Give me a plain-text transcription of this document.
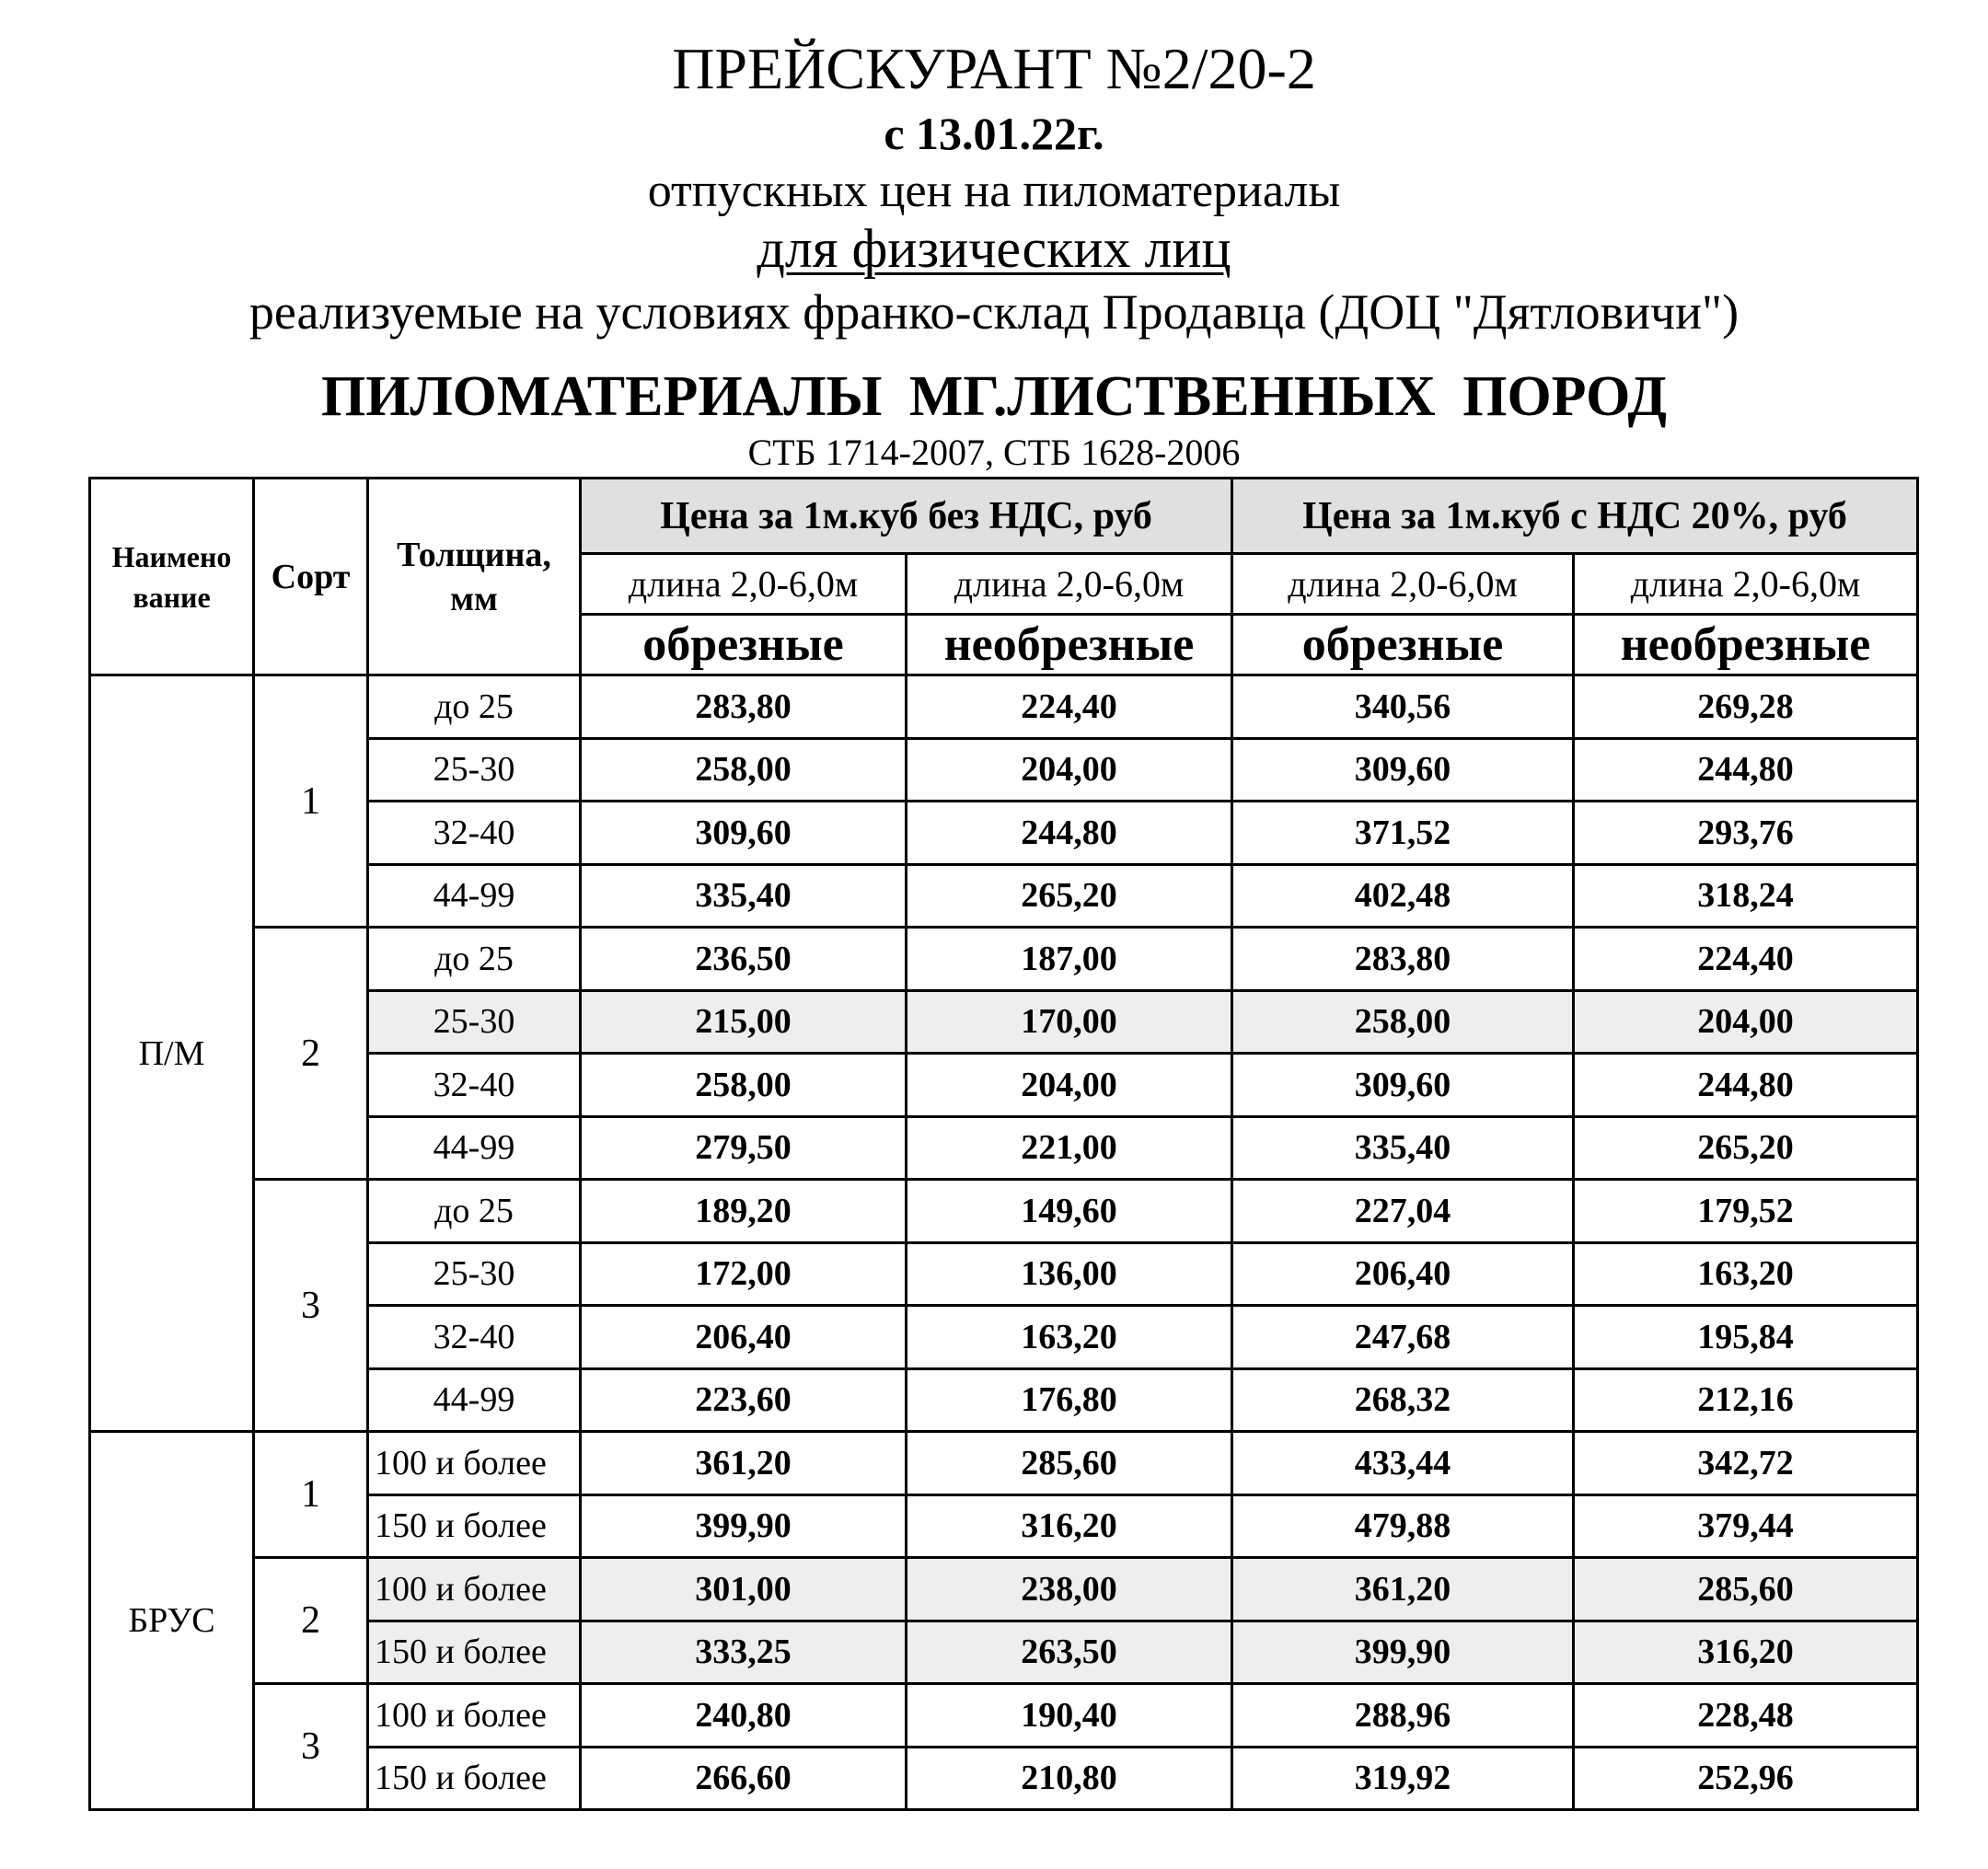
ПРЕЙСКУРАНТ №2/20-2
с 13.01.22г.
отпускных цен на пиломатериалы
для физических лиц
реализуемые на условиях франко-склад Продавца (ДОЦ "Дятловичи")
ПИЛОМАТЕРИАЛЫ МГ.ЛИСТВЕННЫХ ПОРОД
СТБ 1714-2007, СТБ 1628-2006
Наимено вание	Сорт	Толщина, мм	Цена за 1м.куб без НДС, руб		Цена за 1м.куб с НДС 20%, руб	
			длина 2,0-6,0м	длина 2,0-6,0м	длина 2,0-6,0м	длина 2,0-6,0м
			обрезные	необрезные	обрезные	необрезные
П/М	1	до 25	283,80	224,40	340,56	269,28
		25-30	258,00	204,00	309,60	244,80
		32-40	309,60	244,80	371,52	293,76
		44-99	335,40	265,20	402,48	318,24
	2	до 25	236,50	187,00	283,80	224,40
		25-30	215,00	170,00	258,00	204,00
		32-40	258,00	204,00	309,60	244,80
		44-99	279,50	221,00	335,40	265,20
	3	до 25	189,20	149,60	227,04	179,52
		25-30	172,00	136,00	206,40	163,20
		32-40	206,40	163,20	247,68	195,84
		44-99	223,60	176,80	268,32	212,16
БРУС	1	100 и более	361,20	285,60	433,44	342,72
		150 и более	399,90	316,20	479,88	379,44
	2	100 и более	301,00	238,00	361,20	285,60
		150 и более	333,25	263,50	399,90	316,20
	3	100 и более	240,80	190,40	288,96	228,48
		150 и более	266,60	210,80	319,92	252,96
